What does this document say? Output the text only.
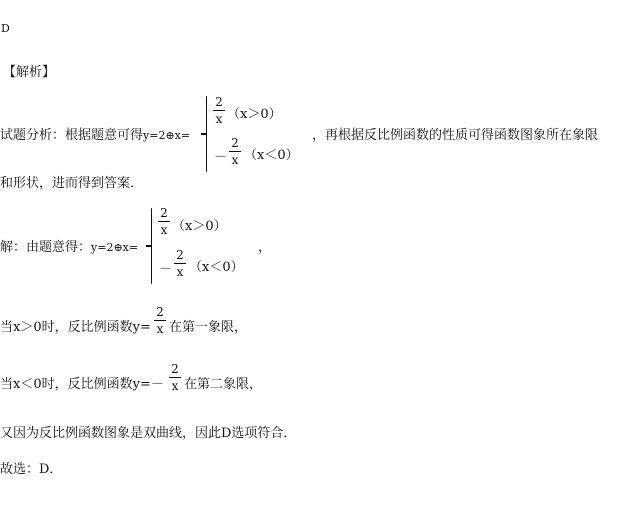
D
【解析】
试题分析：根据题意可得y=2⊕x=
2
x （x＞0）
－
2
x （x＜0）
，再根据反比例函数的性质可得函数图象所在象限
和形状，进而得到答案．
解：由题意得：y=2⊕x=
2
x （x＞0）
－
2
x （x＜0）
，
当x＞0时，反比例函数y=
2
x 在第一象限，
当x＜0时，反比例函数y=－
2
x 在第二象限，
又因为反比例函数图象是双曲线，因此D选项符合．
故选：D．
